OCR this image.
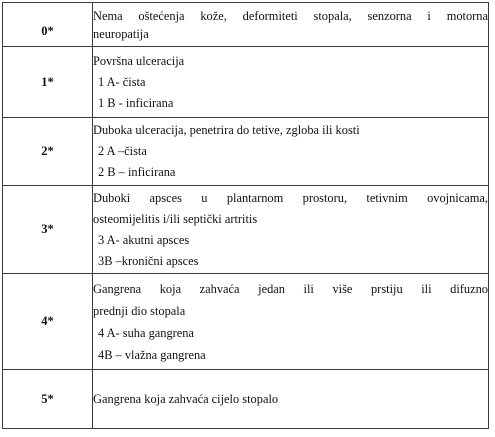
0*	Nema oštećenja kože, deformiteti stopala, senzorna i motorna
neuropatija

1*	Površna ulceracija
1 A- čista
1 B - inficirana

2*	Duboka ulceracija, penetrira do tetive, zgloba ili kosti
2 A –čista
2 B – inficirana

3*	Duboki apsces u plantarnom prostoru, tetivnim ovojnicama,
osteomijelitis i/ili septički artritis
3 A- akutni apsces
3B –kronični apsces

4*	Gangrena koja zahvaća jedan ili više prstiju ili difuzno
prednji dio stopala
4 A- suha gangrena
4B – vlažna gangrena

5*	Gangrena koja zahvaća cijelo stopalo
